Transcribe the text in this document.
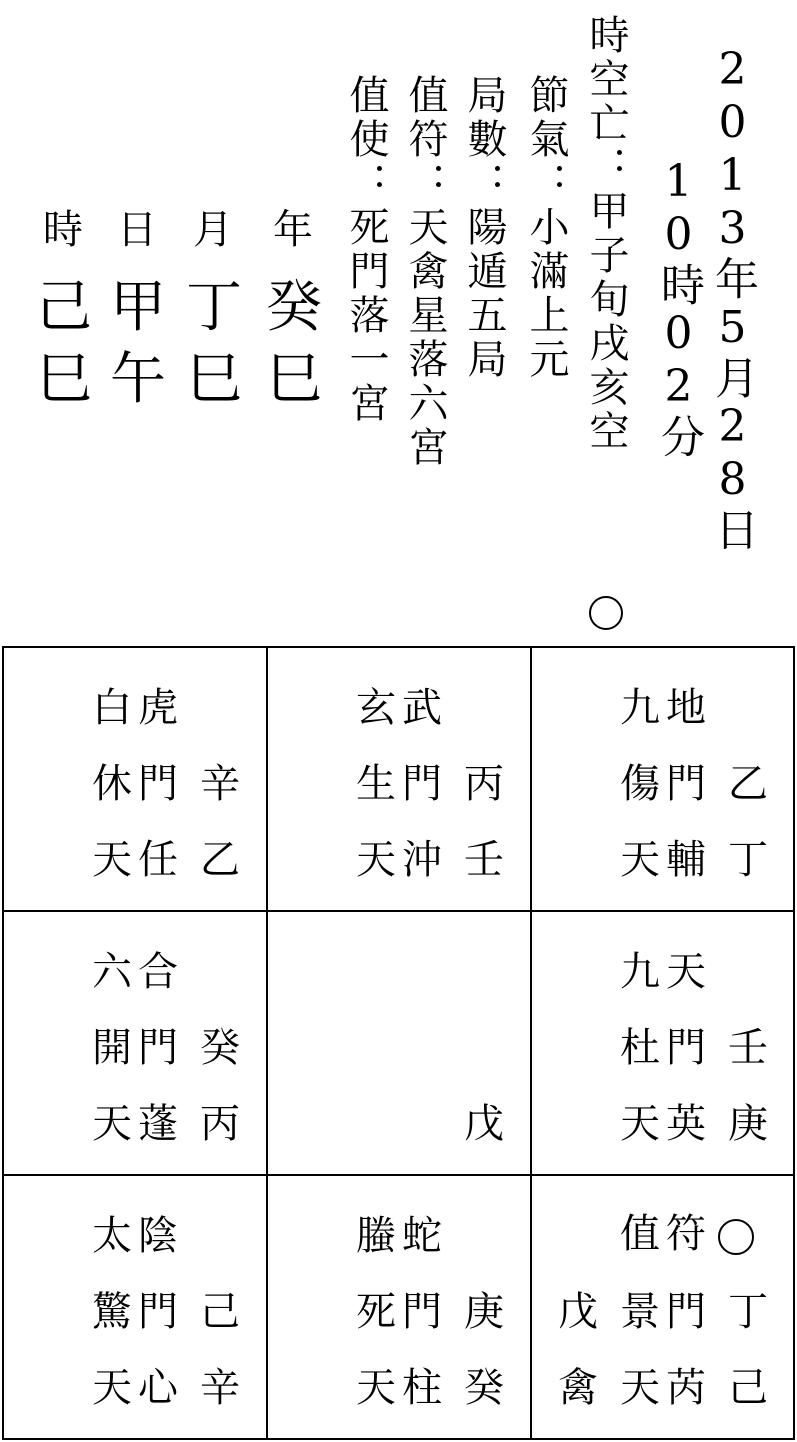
2013年5月28日
10時02分
時空亡：甲子旬戌亥空
節氣：小滿上元
局數：陽遁五局
值符：天禽星落六宮
值使：死門落一宮
年
月
日
時
癸
丁
甲
己
巳
巳
午
巳
白虎
休門 辛
天任 乙
玄武
生門 丙
天沖 壬
九地
傷門 乙
天輔 丁
六合
開門 癸
天蓬 丙	戊
九天
杜門 壬
天英 庚
太陰
驚門 己
天心 辛
螣蛇
死門 庚
天柱 癸
值符
戊 景門 丁
禽 天芮 己
